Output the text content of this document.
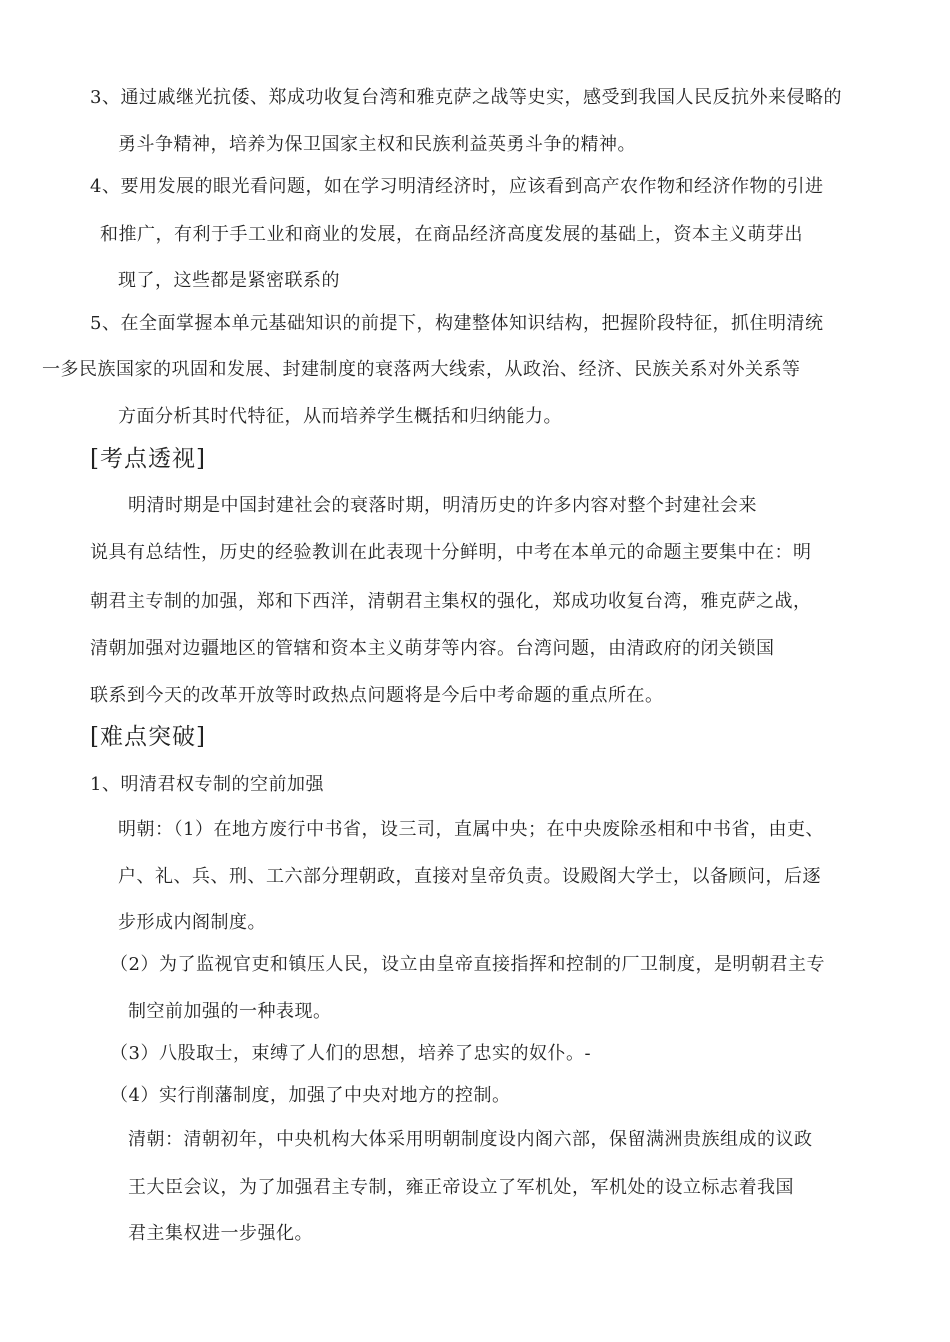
3、通过戚继光抗倭、郑成功收复台湾和雅克萨之战等史实，感受到我国人民反抗外来侵略的
勇斗争精神，培养为保卫国家主权和民族利益英勇斗争的精神。
4、要用发展的眼光看问题，如在学习明清经济时，应该看到高产农作物和经济作物的引进
和推广，有利于手工业和商业的发展，在商品经济高度发展的基础上，资本主义萌芽出
现了，这些都是紧密联系的
5、在全面掌握本单元基础知识的前提下，构建整体知识结构，把握阶段特征，抓住明清统
一多民族国家的巩固和发展、封建制度的衰落两大线索，从政治、经济、民族关系对外关系等
方面分析其时代特征，从而培养学生概括和归纳能力。
[考点透视]
明清时期是中国封建社会的衰落时期，明清历史的许多内容对整个封建社会来
说具有总结性，历史的经验教训在此表现十分鲜明，中考在本单元的命题主要集中在：明
朝君主专制的加强，郑和下西洋，清朝君主集权的强化，郑成功收复台湾，雅克萨之战，
清朝加强对边疆地区的管辖和资本主义萌芽等内容。台湾问题，由清政府的闭关锁国
联系到今天的改革开放等时政热点问题将是今后中考命题的重点所在。
[难点突破]
1、明清君权专制的空前加强
明朝：（1）在地方废行中书省，设三司，直属中央；在中央废除丞相和中书省，由吏、
户、礼、兵、刑、工六部分理朝政，直接对皇帝负责。设殿阁大学士，以备顾问，后逐
步形成内阁制度。
（2）为了监视官吏和镇压人民，设立由皇帝直接指挥和控制的厂卫制度，是明朝君主专
制空前加强的一种表现。
（3）八股取士，束缚了人们的思想，培养了忠实的奴仆。-
（4）实行削藩制度，加强了中央对地方的控制。
清朝：清朝初年，中央机构大体采用明朝制度设内阁六部，保留满洲贵族组成的议政
王大臣会议，为了加强君主专制，雍正帝设立了军机处，军机处的设立标志着我国
君主集权进一步强化。
